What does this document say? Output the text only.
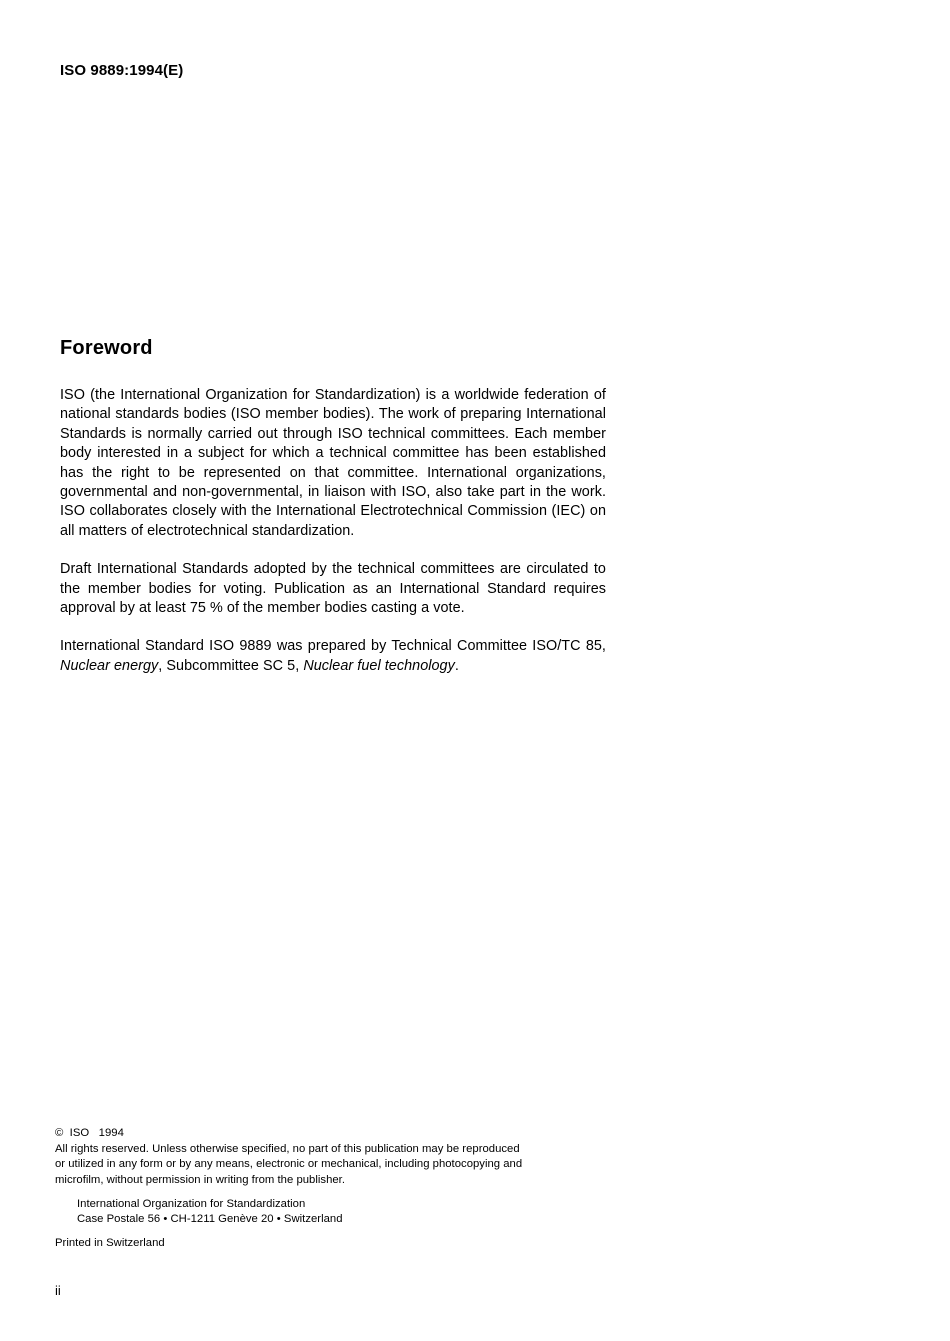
ISO 9889:1994(E)
Foreword

ISO (the International Organization for Standardization) is a worldwide federation of national standards bodies (ISO member bodies). The work of preparing International Standards is normally carried out through ISO technical committees. Each member body interested in a subject for which a technical committee has been established has the right to be represented on that committee. International organizations, governmental and non-governmental, in liaison with ISO, also take part in the work. ISO collaborates closely with the International Electrotechnical Commission (IEC) on all matters of electrotechnical standardization.

Draft International Standards adopted by the technical committees are circulated to the member bodies for voting. Publication as an International Standard requires approval by at least 75 % of the member bodies casting a vote.

International Standard ISO 9889 was prepared by Technical Committee ISO/TC 85, Nuclear energy, Subcommittee SC 5, Nuclear fuel technology.

©  ISO   1994
All rights reserved. Unless otherwise specified, no part of this publication may be reproduced
or utilized in any form or by any means, electronic or mechanical, including photocopying and
microfilm, without permission in writing from the publisher.
International Organization for Standardization
Case Postale 56 • CH-1211 Genève 20 • Switzerland
Printed in Switzerland
ii
